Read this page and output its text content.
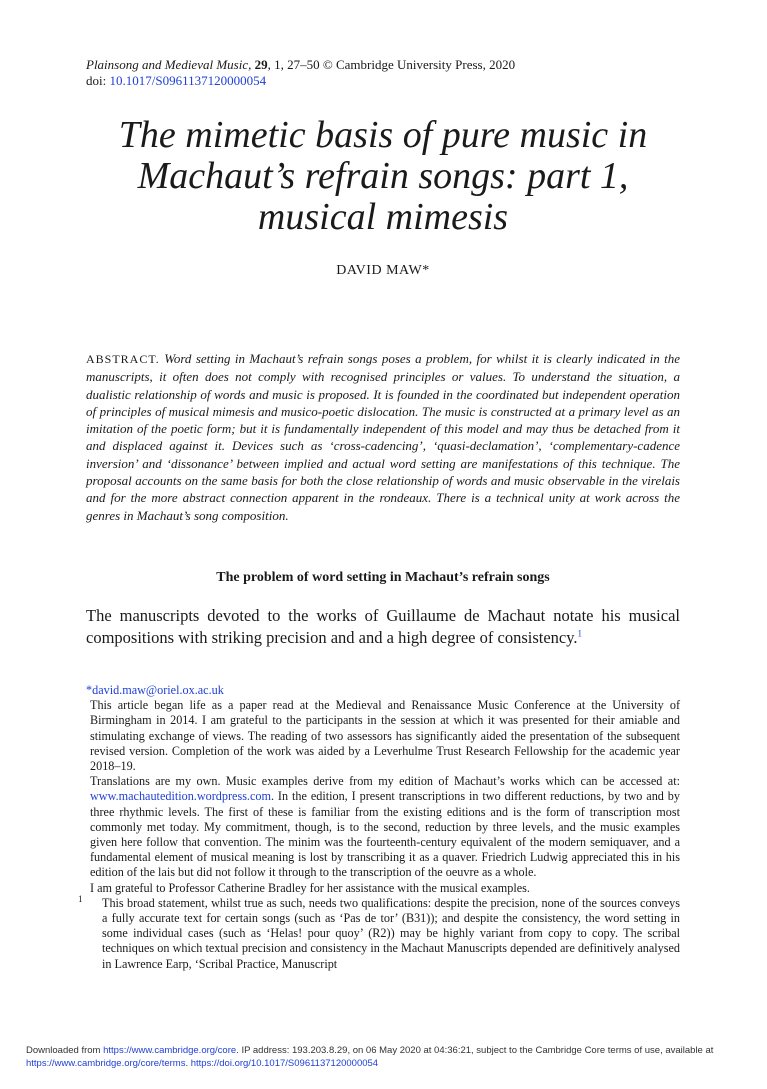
Plainsong and Medieval Music, 29, 1, 27–50 © Cambridge University Press, 2020
doi: 10.1017/S0961137120000054
The mimetic basis of pure music in Machaut’s refrain songs: part 1, musical mimesis
DAVID MAW*
ABSTRACT. Word setting in Machaut’s refrain songs poses a problem, for whilst it is clearly indicated in the manuscripts, it often does not comply with recognised principles or values. To understand the situation, a dualistic relationship of words and music is proposed. It is founded in the coordinated but independent operation of principles of musical mimesis and musico-poetic dislocation. The music is constructed at a primary level as an imitation of the poetic form; but it is fundamentally independent of this model and may thus be detached from it and displaced against it. Devices such as ‘cross-cadencing’, ‘quasi-declamation’, ‘complementary-cadence inversion’ and ‘dissonance’ between implied and actual word setting are manifestations of this technique. The proposal accounts on the same basis for both the close relationship of words and music observable in the virelais and for the more abstract connection apparent in the rondeaux. There is a technical unity at work across the genres in Machaut’s song composition.
The problem of word setting in Machaut’s refrain songs
The manuscripts devoted to the works of Guillaume de Machaut notate his musical compositions with striking precision and and a high degree of consistency.$^1$

*david.maw@oriel.ox.ac.uk

This article began life as a paper read at the Medieval and Renaissance Music Conference at the University of Birmingham in 2014. I am grateful to the participants in the session at which it was presented for their amiable and stimulating exchange of views. The reading of two assessors has significantly aided the presentation of the subsequent revised version. Completion of the work was aided by a Leverhulme Trust Research Fellowship for the academic year 2018–19.

Translations are my own. Music examples derive from my edition of Machaut’s works which can be accessed at: www.machautedition.wordpress.com. In the edition, I present transcriptions in two different reductions, by two and by three rhythmic levels. The first of these is familiar from the existing editions and is the form of transcription most commonly met today. My commitment, though, is to the second, reduction by three levels, and the music examples given here follow that convention. The minim was the fourteenth-century equivalent of the modern semiquaver, and a fundamental element of musical meaning is lost by transcribing it as a quaver. Friedrich Ludwig appreciated this in his edition of the lais but did not follow it through to the transcription of the oeuvre as a whole.

I am grateful to Professor Catherine Bradley for her assistance with the musical examples.

$^1$ This broad statement, whilst true as such, needs two qualifications: despite the precision, none of the sources conveys a fully accurate text for certain songs (such as ‘Pas de tor’ (B31)); and despite the consistency, the word setting in some individual cases (such as ‘Helas! pour quoy’ (R2)) may be highly variant from copy to copy. The scribal techniques on which textual precision and consistency in the Machaut Manuscripts depended are definitively analysed in Lawrence Earp, ‘Scribal Practice, Manuscript

Downloaded from https://www.cambridge.org/core. IP address: 193.203.8.29, on 06 May 2020 at 04:36:21, subject to the Cambridge Core terms of use, available at
https://www.cambridge.org/core/terms. https://doi.org/10.1017/S0961137120000054
